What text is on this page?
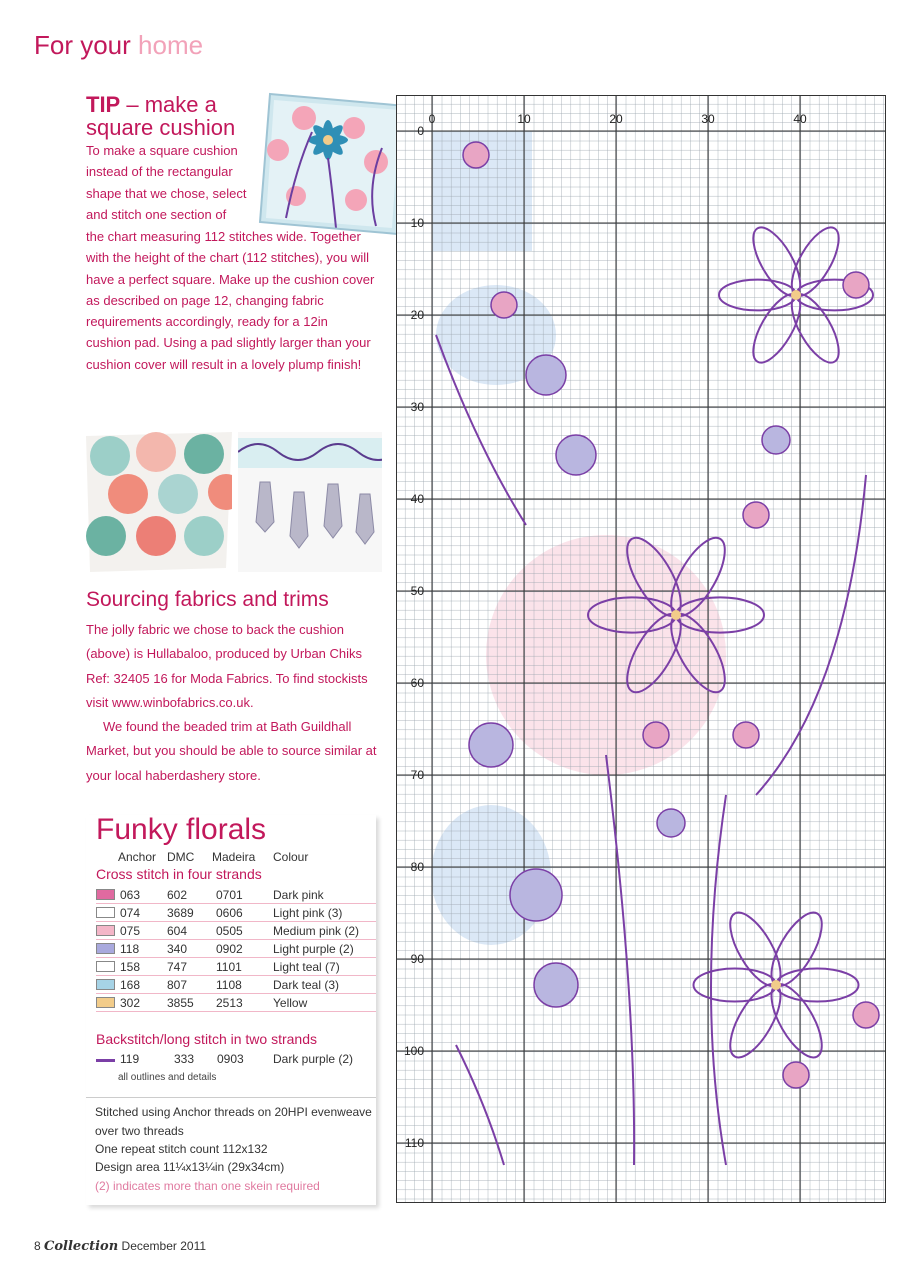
For your home
TIP – make a square cushion
To make a square cushion instead of the rectangular shape that we chose, select and stitch one section of
the chart measuring 112 stitches wide. Together with the height of the chart (112 stitches), you will have a perfect square. Make up the cushion cover as described on page 12, changing fabric requirements accordingly, ready for a 12in cushion pad. Using a pad slightly larger than your cushion cover will result in a lovely plump finish!
Sourcing fabrics and trims

The jolly fabric we chose to back the cushion (above) is Hullabaloo, produced by Urban Chiks Ref: 32405 16 for Moda Fabrics. To find stockists visit www.winbofabrics.co.uk.

We found the beaded trim at Bath Guildhall Market, but you should be able to source similar at your local haberdashery store.

Funky florals
Anchor DMC Madeira Colour
Cross stitch in four strands
063 602 0701	Dark pink
074 3689 0606	Light pink (3)
075 604 0505	Medium pink (2)
118 340 0902	Light purple (2)
158 747 1101	Light teal (7)
168 807 1108	Dark teal (3)
302 3855 2513	Yellow
Backstitch/long stitch in two strands
119	333 0903 Dark purple (2)
all outlines and details
Stitched using Anchor threads on 20HPI evenweave
over two threads
One repeat stitch count 112x132
Design area 11¼x13¼in (29x34cm)
(2) indicates more than one skein required
0	10	20	30	40
0
10
20
30
40
50
60
70
80
90
100
110
8 Collection December 2011
